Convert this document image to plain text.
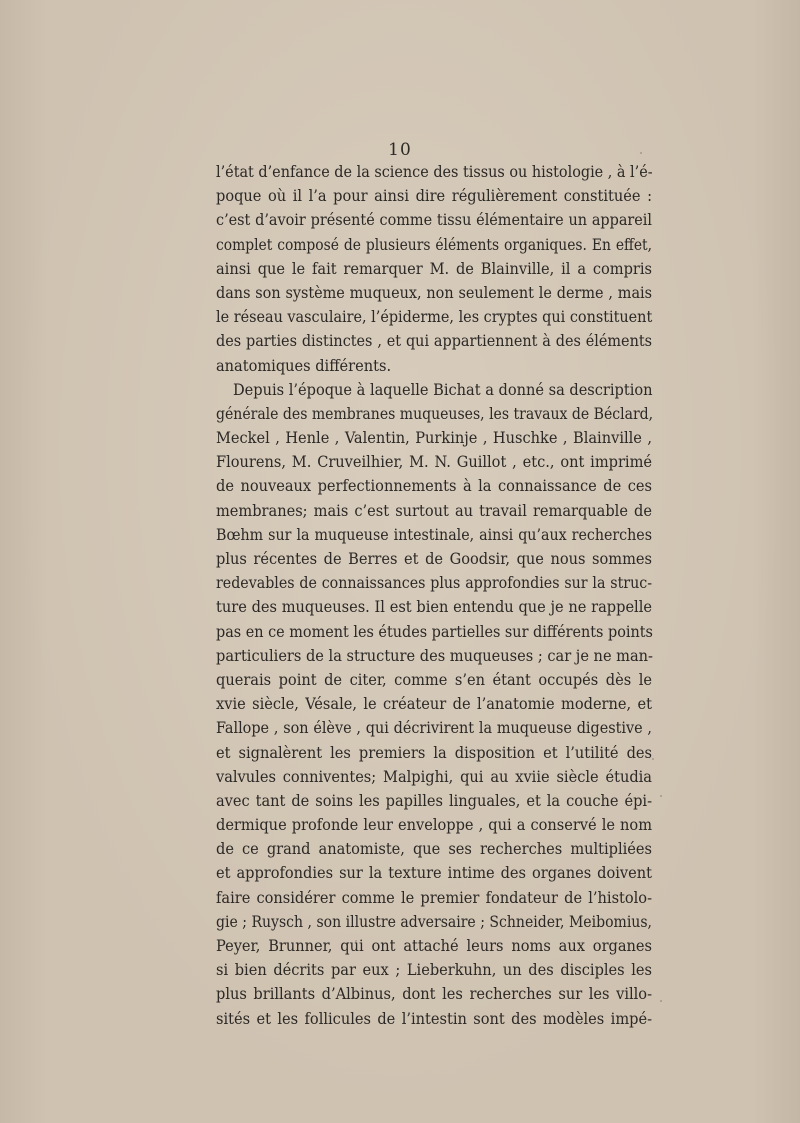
10
l’état d’enfance de la science des tissus ou histologie , à l’é-
poque où il l’a pour ainsi dire régulièrement constituée :
c’est d’avoir présenté comme tissu élémentaire un appareil
complet composé de plusieurs éléments organiques. En effet,
ainsi que le fait remarquer M. de Blainville, il a compris
dans son système muqueux, non seulement le derme , mais
le réseau vasculaire, l’épiderme, les cryptes qui constituent
des parties distinctes , et qui appartiennent à des éléments
anatomiques différents.
Depuis l’époque à laquelle Bichat a donné sa description
générale des membranes muqueuses, les travaux de Béclard,
Meckel , Henle , Valentin, Purkinje , Huschke , Blainville ,
Flourens, M. Cruveilhier, M. N. Guillot , etc., ont imprimé
de nouveaux perfectionnements à la connaissance de ces
membranes; mais c’est surtout au travail remarquable de
Bœhm sur la muqueuse intestinale, ainsi qu’aux recherches
plus récentes de Berres et de Goodsir, que nous sommes
redevables de connaissances plus approfondies sur la struc-
ture des muqueuses. Il est bien entendu que je ne rappelle
pas en ce moment les études partielles sur différents points
particuliers de la structure des muqueuses ; car je ne man-
querais point de citer, comme s’en étant occupés dès le
xvie siècle, Vésale, le créateur de l’anatomie moderne, et
Fallope , son élève , qui décrivirent la muqueuse digestive ,
et signalèrent les premiers la disposition et l’utilité des
valvules conniventes; Malpighi, qui au xviie siècle étudia
avec tant de soins les papilles linguales, et la couche épi-
dermique profonde leur enveloppe , qui a conservé le nom
de ce grand anatomiste, que ses recherches multipliées
et approfondies sur la texture intime des organes doivent
faire considérer comme le premier fondateur de l’histolo-
gie ; Ruysch , son illustre adversaire ; Schneider, Meibomius,
Peyer, Brunner, qui ont attaché leurs noms aux organes
si bien décrits par eux ; Lieberkuhn, un des disciples les
plus brillants d’Albinus, dont les recherches sur les villo-
sités et les follicules de l’intestin sont des modèles impé-
